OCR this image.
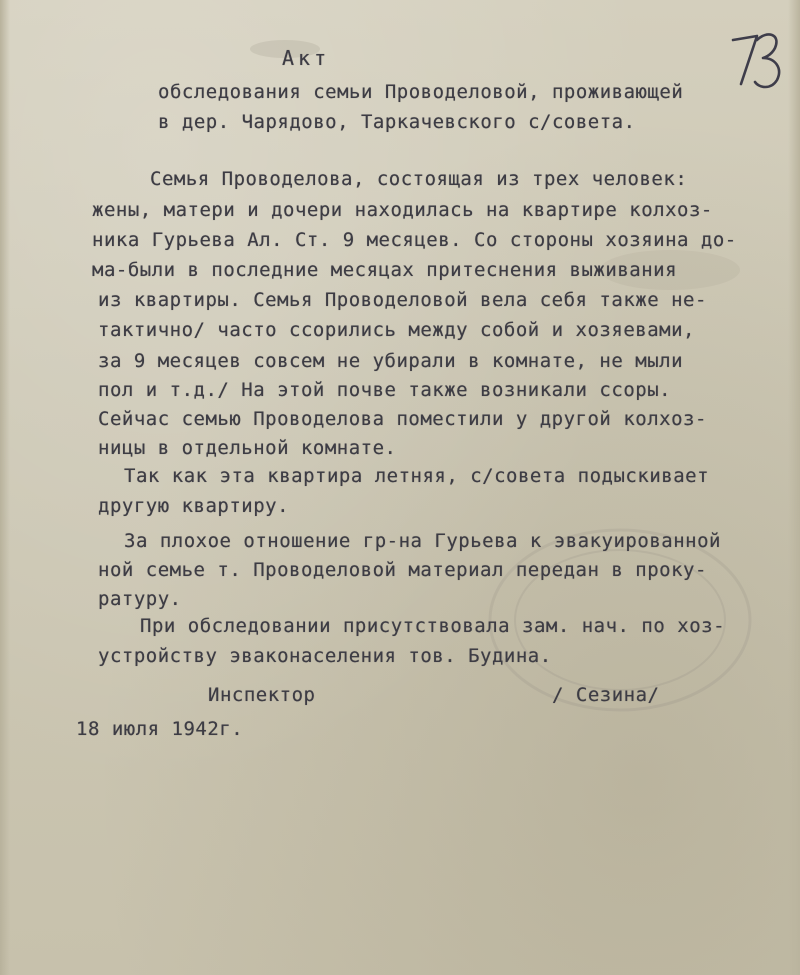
Акт
обследования семьи Проводеловой, проживающей
в дер. Чарядово, Таркачевского с/совета.
Семья Проводелова, состоящая из трех человек:
жены, матери и дочери находилась на квартире колхоз-
ника Гурьева Ал. Ст. 9 месяцев. Со стороны хозяина до-
ма-были в последние месяцах притеснения выживания
из квартиры. Семья Проводеловой вела себя также не-
тактично/ часто ссорились между собой и хозяевами,
за 9 месяцев совсем не убирали в комнате, не мыли
пол и т.д./ На этой почве также возникали ссоры.
Сейчас семью Проводелова поместили у другой колхоз-
ницы в отдельной комнате.
Так как эта квартира летняя, с/совета подыскивает
другую квартиру.
За плохое отношение гр-на Гурьева к эвакуированной
ной семье т. Проводеловой материал передан в проку-
ратуру.
При обследовании присутствовала зам. нач. по хоз-
устройству эваконаселения тов. Будина.
Инспектор	/ Сезина/
18 июля 1942г.
